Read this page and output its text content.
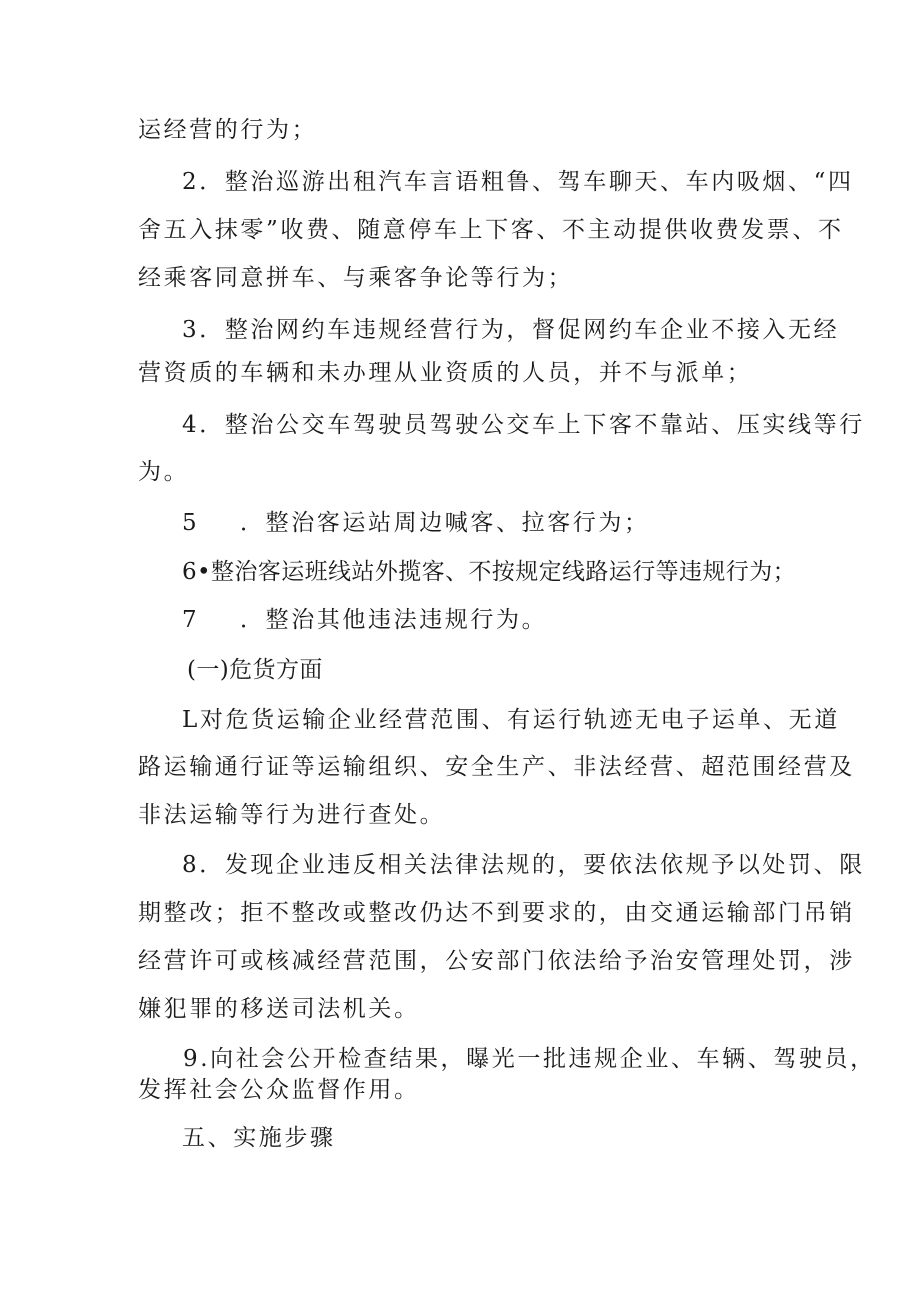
运经营的行为；
2．整治巡游出租汽车言语粗鲁、驾车聊天、车内吸烟、“四
舍五入抹零”收费、随意停车上下客、不主动提供收费发票、不
经乘客同意拼车、与乘客争论等行为；
3．整治网约车违规经营行为，督促网约车企业不接入无经
营资质的车辆和未办理从业资质的人员，并不与派单；
4．整治公交车驾驶员驾驶公交车上下客不靠站、压实线等行
为。
5 ．整治客运站周边喊客、拉客行为；
6•整治客运班线站外揽客、不按规定线路运行等违规行为；
7 ．整治其他违法违规行为。
(一)危货方面
L对危货运输企业经营范围、有运行轨迹无电子运单、无道
路运输通行证等运输组织、安全生产、非法经营、超范围经营及
非法运输等行为进行查处。
8．发现企业违反相关法律法规的，要依法依规予以处罚、限
期整改；拒不整改或整改仍达不到要求的，由交通运输部门吊销
经营许可或核减经营范围，公安部门依法给予治安管理处罚，涉
嫌犯罪的移送司法机关。
9.向社会公开检查结果，曝光一批违规企业、车辆、驾驶员，
发挥社会公众监督作用。
五、实施步骤
